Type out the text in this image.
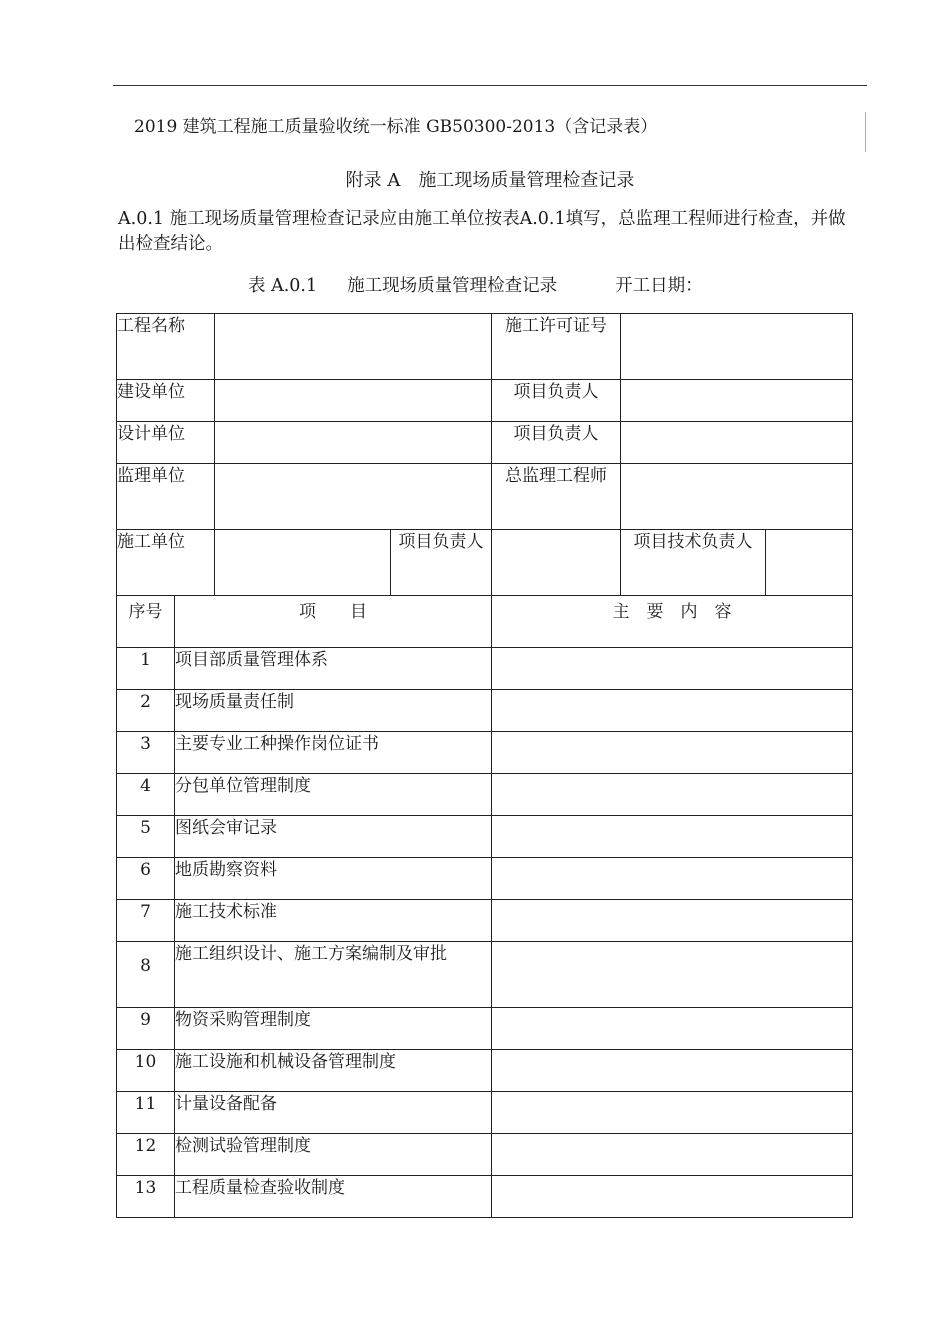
2019 建筑工程施工质量验收统一标准 GB50300-2013（含记录表）
附录 A　施工现场质量管理检查记录
A.0.1 施工现场质量管理检查记录应由施工单位按表A.0.1填写，总监理工程师进行检查，并做出检查结论。
表 A.0.1 施工现场质量管理检查记录	开工日期：
工程名称				施工许可证号		
建设单位				项目负责人		
设计单位				项目负责人		
监理单位				总监理工程师		
施工单位			项目负责人		项目技术负责人	
序号	项　　目			主　要　内　容		
1	项目部质量管理体系					
2	现场质量责任制					
3	主要专业工种操作岗位证书					
4	分包单位管理制度					
5	图纸会审记录					
6	地质勘察资料					
7	施工技术标准					
8	施工组织设计、施工方案编制及审批					
9	物资采购管理制度					
10	施工设施和机械设备管理制度					
11	计量设备配备					
12	检测试验管理制度					
13	工程质量检查验收制度					
